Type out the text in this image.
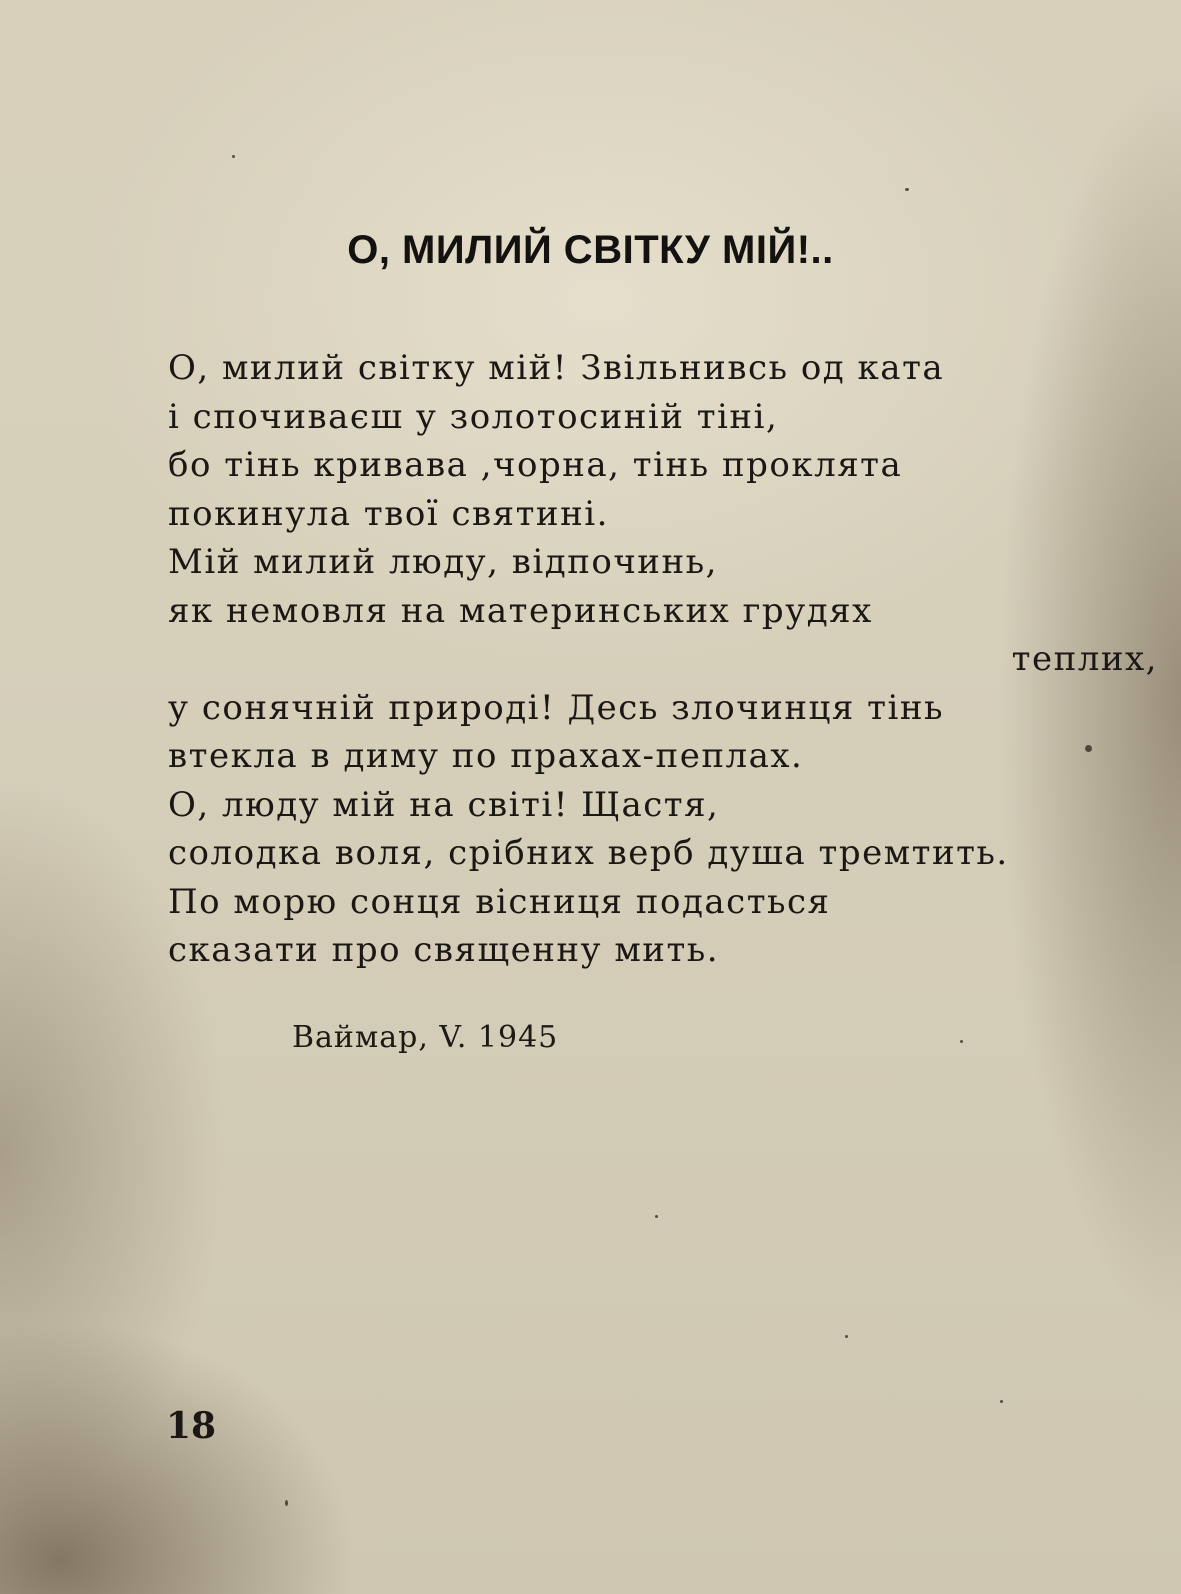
О, МИЛИЙ СВІТКУ МІЙ!..
О, милий світку мій! Звільнивсь од ката
і спочиваєш у золотосиній тіні,
бо тінь кривава ,чорна, тінь проклята
покинула твої святині.
Мій милий люду, відпочинь,
як немовля на материнських грудях
теплих,
у сонячній природі! Десь злочинця тінь
втекла в диму по прахах-пеплах.
О, люду мій на світі! Щастя,
солодка воля, срібних верб душа тремтить.
По морю сонця вісниця подасться
сказати про священну мить.

Ваймар, V. 1945

18
